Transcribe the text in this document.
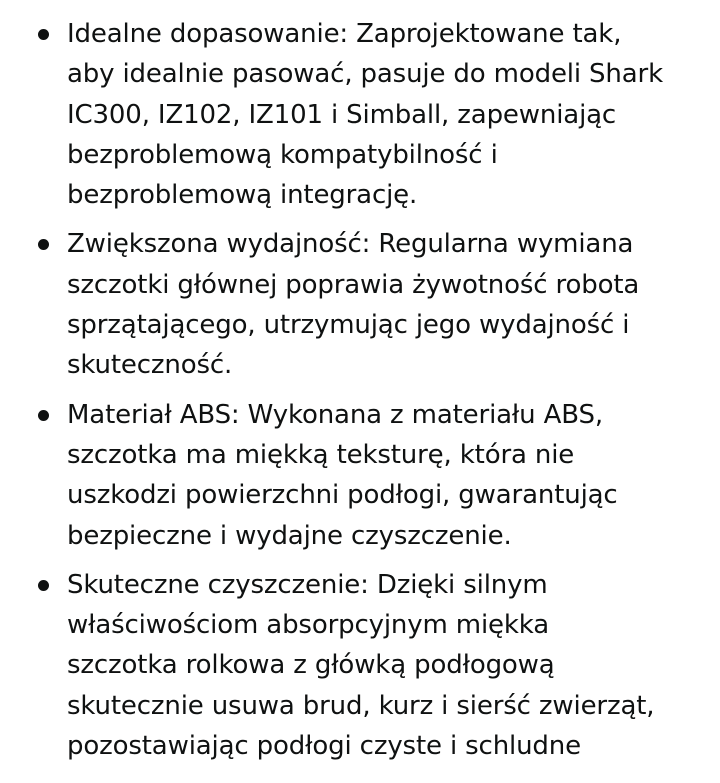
Idealne dopasowanie: Zaprojektowane tak,
aby idealnie pasować, pasuje do modeli Shark
IC300, IZ102, IZ101 i Simball, zapewniając
bezproblemową kompatybilność i
bezproblemową integrację.
Zwiększona wydajność: Regularna wymiana
szczotki głównej poprawia żywotność robota
sprzątającego, utrzymując jego wydajność i
skuteczność.
Materiał ABS: Wykonana z materiału ABS,
szczotka ma miękką teksturę, która nie
uszkodzi powierzchni podłogi, gwarantując
bezpieczne i wydajne czyszczenie.
Skuteczne czyszczenie: Dzięki silnym
właściwościom absorpcyjnym miękka
szczotka rolkowa z główką podłogową
skutecznie usuwa brud, kurz i sierść zwierząt,
pozostawiając podłogi czyste i schludne
